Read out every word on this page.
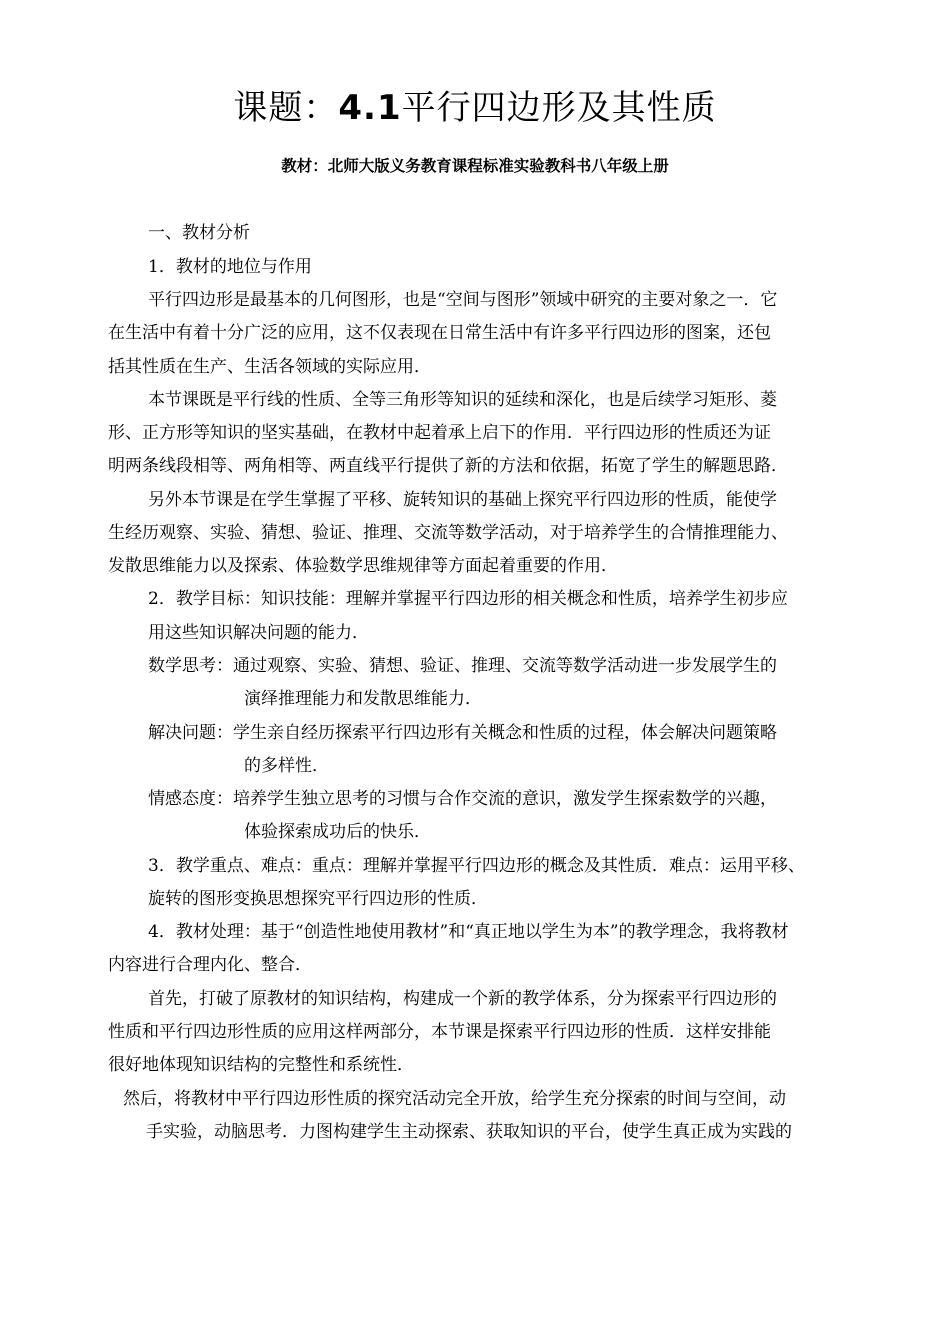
课题：4.1平行四边形及其性质
教材：北师大版义务教育课程标准实验教科书八年级上册
一、教材分析
1．教材的地位与作用
平行四边形是最基本的几何图形，也是“空间与图形”领域中研究的主要对象之一．它
在生活中有着十分广泛的应用，这不仅表现在日常生活中有许多平行四边形的图案，还包
括其性质在生产、生活各领域的实际应用．
本节课既是平行线的性质、全等三角形等知识的延续和深化，也是后续学习矩形、菱
形、正方形等知识的坚实基础，在教材中起着承上启下的作用．平行四边形的性质还为证
明两条线段相等、两角相等、两直线平行提供了新的方法和依据，拓宽了学生的解题思路．
另外本节课是在学生掌握了平移、旋转知识的基础上探究平行四边形的性质，能使学
生经历观察、实验、猜想、验证、推理、交流等数学活动，对于培养学生的合情推理能力、
发散思维能力以及探索、体验数学思维规律等方面起着重要的作用．
2．教学目标：知识技能：理解并掌握平行四边形的相关概念和性质，培养学生初步应
用这些知识解决问题的能力．
数学思考：通过观察、实验、猜想、验证、推理、交流等数学活动进一步发展学生的
演绎推理能力和发散思维能力．
解决问题：学生亲自经历探索平行四边形有关概念和性质的过程，体会解决问题策略
的多样性．
情感态度：培养学生独立思考的习惯与合作交流的意识，激发学生探索数学的兴趣，
体验探索成功后的快乐．
3．教学重点、难点：重点：理解并掌握平行四边形的概念及其性质．难点：运用平移、
旋转的图形变换思想探究平行四边形的性质．
4．教材处理：基于“创造性地使用教材”和“真正地以学生为本”的教学理念，我将教材
内容进行合理内化、整合．
首先，打破了原教材的知识结构，构建成一个新的教学体系，分为探索平行四边形的
性质和平行四边形性质的应用这样两部分，本节课是探索平行四边形的性质．这样安排能
很好地体现知识结构的完整性和系统性．
然后，将教材中平行四边形性质的探究活动完全开放，给学生充分探索的时间与空间，动
手实验，动脑思考．力图构建学生主动探索、获取知识的平台，使学生真正成为实践的
